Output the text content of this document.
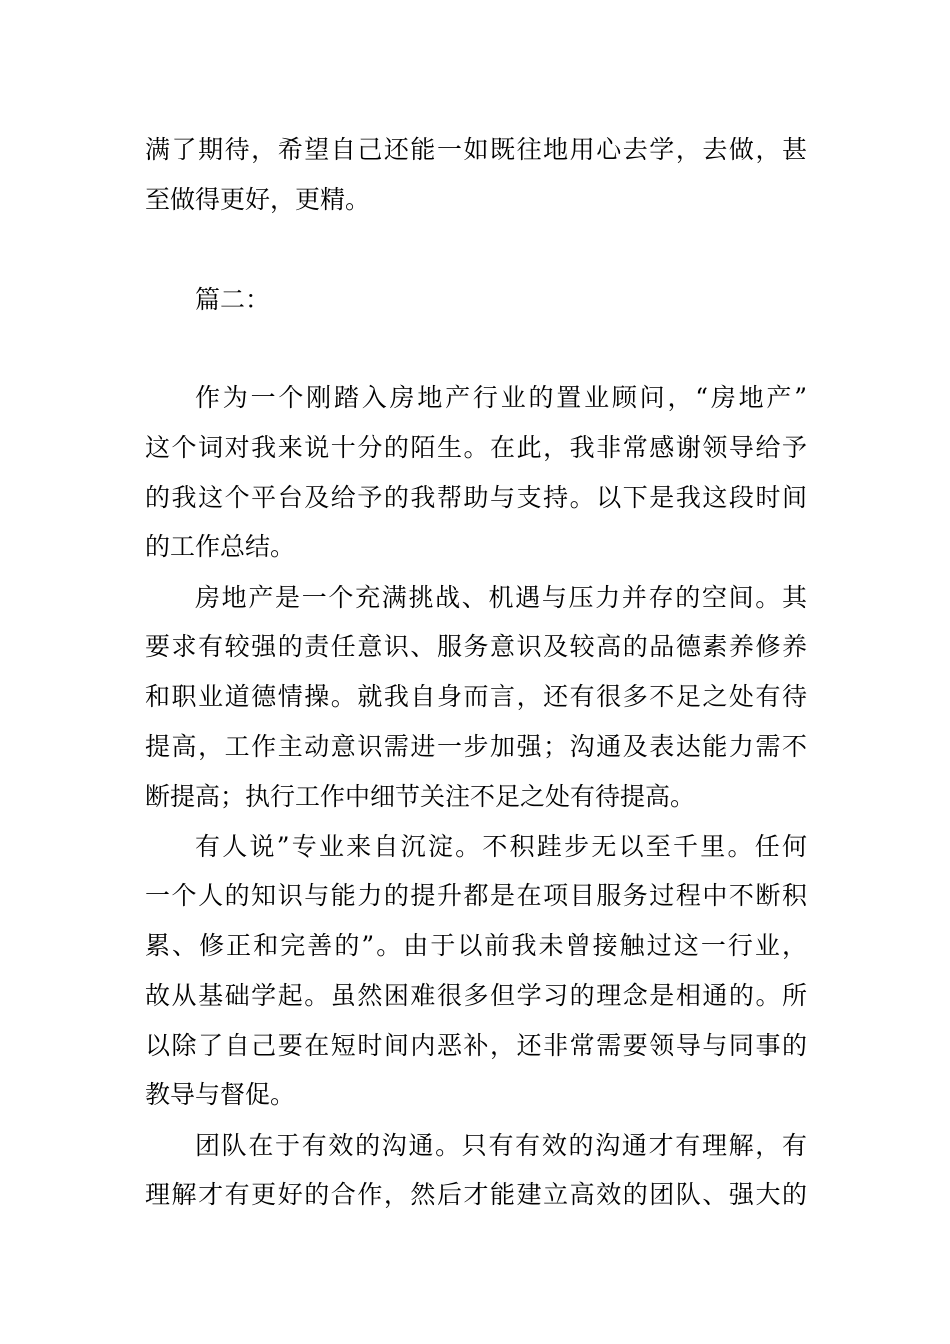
满了期待，希望自己还能一如既往地用心去学，去做，甚
至做得更好，更精。
篇二：
作为一个刚踏入房地产行业的置业顾问，“房地产”
这个词对我来说十分的陌生。在此，我非常感谢领导给予
的我这个平台及给予的我帮助与支持。以下是我这段时间
的工作总结。
房地产是一个充满挑战、机遇与压力并存的空间。其
要求有较强的责任意识、服务意识及较高的品德素养修养
和职业道德情操。就我自身而言，还有很多不足之处有待
提高，工作主动意识需进一步加强；沟通及表达能力需不
断提高；执行工作中细节关注不足之处有待提高。
有人说”专业来自沉淀。不积跬步无以至千里。任何
一个人的知识与能力的提升都是在项目服务过程中不断积
累、修正和完善的”。由于以前我未曾接触过这一行业，
故从基础学起。虽然困难很多但学习的理念是相通的。所
以除了自己要在短时间内恶补，还非常需要领导与同事的
教导与督促。
团队在于有效的沟通。只有有效的沟通才有理解，有
理解才有更好的合作，然后才能建立高效的团队、强大的
